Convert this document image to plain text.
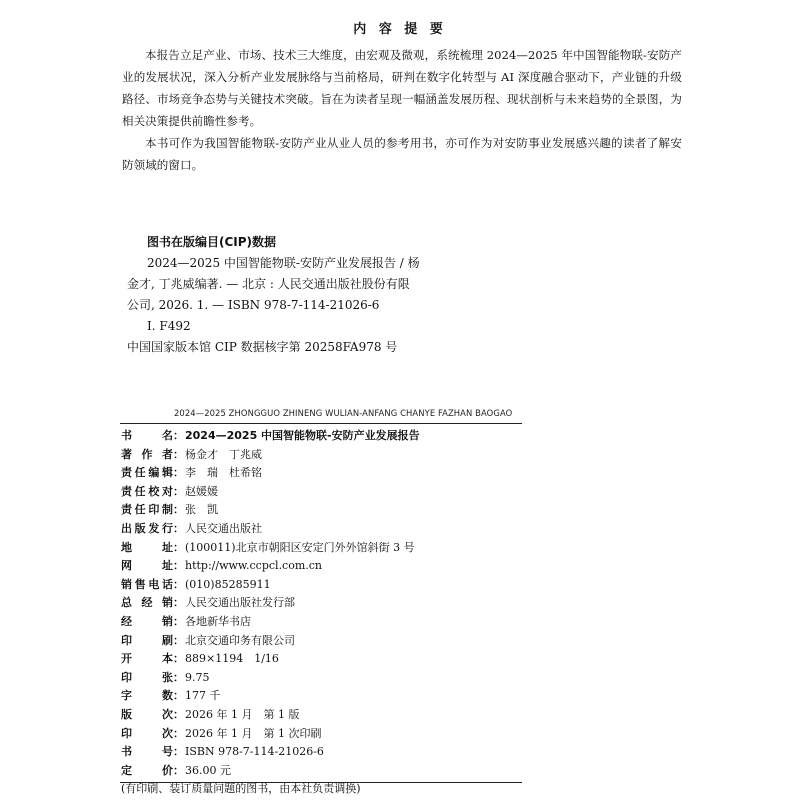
内 容 提 要

本报告立足产业、市场、技术三大维度，由宏观及微观，系统梳理 2024—2025 年中国智能物联-安防产业的发展状况，深入分析产业发展脉络与当前格局，研判在数字化转型与 AI 深度融合驱动下，产业链的升级路径、市场竞争态势与关键技术突破。旨在为读者呈现一幅涵盖发展历程、现状剖析与未来趋势的全景图，为相关决策提供前瞻性参考。

本书可作为我国智能物联-安防产业从业人员的参考用书，亦可作为对安防事业发展感兴趣的读者了解安防领域的窗口。

图书在版编目(CIP)数据
2024—2025 中国智能物联-安防产业发展报告 / 杨
金才, 丁兆威编著. — 北京 : 人民交通出版社股份有限
公司, 2026. 1. — ISBN 978-7-114-21026-6
Ⅰ. F492
中国国家版本馆 CIP 数据核字第 20258FA978 号
2024—2025 ZHONGGUO ZHINENG WULIAN-ANFANG CHANYE FAZHAN BAOGAO
书	名 ： 2024—2025 中国智能物联-安防产业发展报告
著 作 者 ： 杨金才　丁兆威
责 任 编 辑 ： 李　瑞　杜希铭
责 任 校 对 ： 赵媛媛
责 任 印 制 ： 张　凯
出 版 发 行 ： 人民交通出版社
地	址 ： (100011)北京市朝阳区安定门外外馆斜街 3 号
网	址 ： http://www.ccpcl.com.cn
销 售 电 话 ： (010)85285911
总 经 销 ： 人民交通出版社发行部
经	销 ： 各地新华书店
印	刷 ： 北京交通印务有限公司
开	本 ： 889×1194　1/16
印	张 ： 9.75
字	数 ： 177 千
版	次 ： 2026 年 1 月　第 1 版
印	次 ： 2026 年 1 月　第 1 次印刷
书	号 ： ISBN 978-7-114-21026-6
定	价 ： 36.00 元
(有印刷、装订质量问题的图书，由本社负责调换)
